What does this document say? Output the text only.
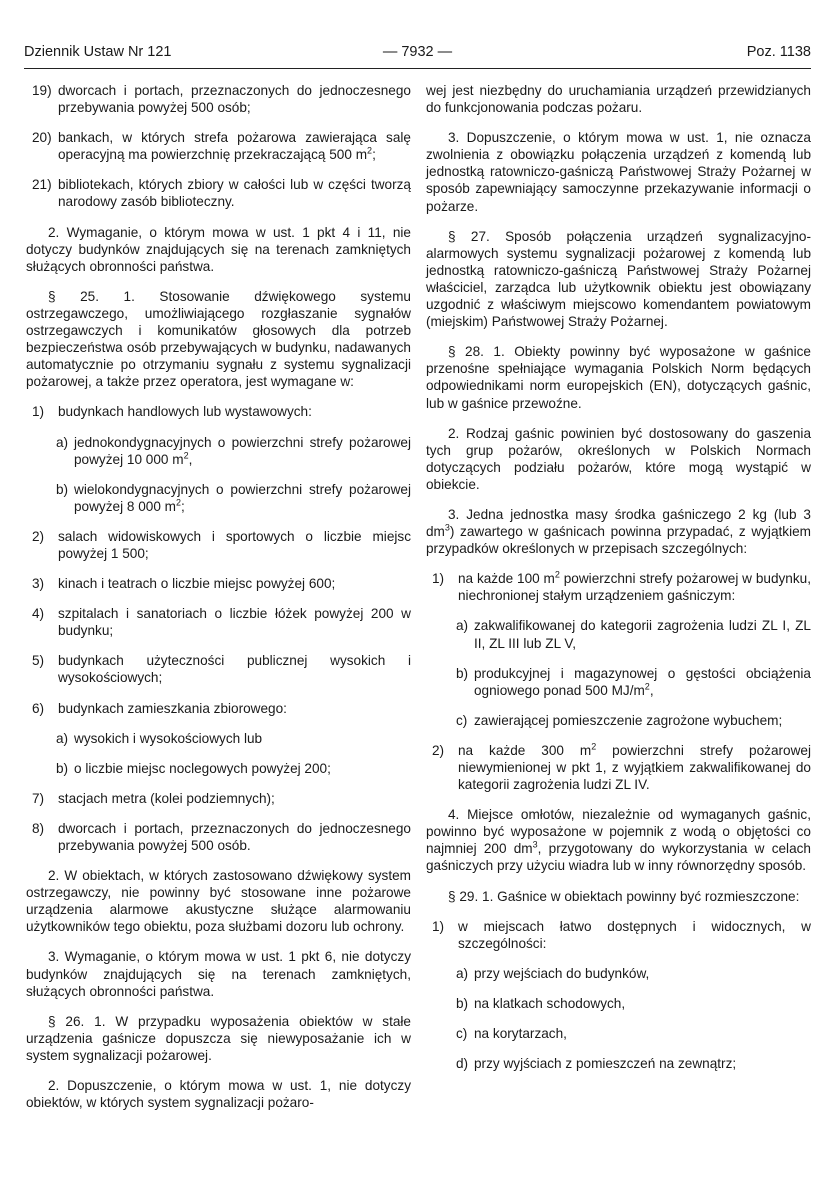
Dziennik Ustaw Nr 121	— 7932 —	Poz. 1138
19) dworcach i portach, przeznaczonych do jednoczesnego przebywania powyżej 500 osób;
20) bankach, w których strefa pożarowa zawierająca salę operacyjną ma powierzchnię przekraczającą 500 $m^2$;
21) bibliotekach, których zbiory w całości lub w części tworzą narodowy zasób biblioteczny.

2. Wymaganie, o którym mowa w ust. 1 pkt 4 i 11, nie dotyczy budynków znajdujących się na terenach zamkniętych służących obronności państwa.

§ 25. 1. Stosowanie dźwiękowego systemu ostrzegawczego, umożliwiającego rozgłaszanie sygnałów ostrzegawczych i komunikatów głosowych dla potrzeb bezpieczeństwa osób przebywających w budynku, nadawanych automatycznie po otrzymaniu sygnału z systemu sygnalizacji pożarowej, a także przez operatora, jest wymagane w:

1)	budynkach handlowych lub wystawowych:
a) jednokondygnacyjnych o powierzchni strefy pożarowej powyżej 10 000 $m^2$,
b) wielokondygnacyjnych o powierzchni strefy pożarowej powyżej 8 000 $m^2$;
2)	salach widowiskowych i sportowych o liczbie miejsc powyżej 1 500;
3)	kinach i teatrach o liczbie miejsc powyżej 600;
4)	szpitalach i sanatoriach o liczbie łóżek powyżej 200 w budynku;
5)	budynkach użyteczności publicznej wysokich i wysokościowych;
6)	budynkach zamieszkania zbiorowego:
a) wysokich i wysokościowych lub
b) o liczbie miejsc noclegowych powyżej 200;
7)	stacjach metra (kolei podziemnych);
8)	dworcach i portach, przeznaczonych do jednoczesnego przebywania powyżej 500 osób.

2. W obiektach, w których zastosowano dźwiękowy system ostrzegawczy, nie powinny być stosowane inne pożarowe urządzenia alarmowe akustyczne służące alarmowaniu użytkowników tego obiektu, poza służbami dozoru lub ochrony.

3. Wymaganie, o którym mowa w ust. 1 pkt 6, nie dotyczy budynków znajdujących się na terenach zamkniętych, służących obronności państwa.

§ 26. 1. W przypadku wyposażenia obiektów w stałe urządzenia gaśnicze dopuszcza się niewyposażanie ich w system sygnalizacji pożarowej.

2. Dopuszczenie, o którym mowa w ust. 1, nie dotyczy obiektów, w których system sygnalizacji pożaro-

wej jest niezbędny do uruchamiania urządzeń przewidzianych do funkcjonowania podczas pożaru.

3. Dopuszczenie, o którym mowa w ust. 1, nie oznacza zwolnienia z obowiązku połączenia urządzeń z komendą lub jednostką ratowniczo-gaśniczą Państwowej Straży Pożarnej w sposób zapewniający samoczynne przekazywanie informacji o pożarze.

§ 27. Sposób połączenia urządzeń sygnalizacyjno-alarmowych systemu sygnalizacji pożarowej z komendą lub jednostką ratowniczo-gaśniczą Państwowej Straży Pożarnej właściciel, zarządca lub użytkownik obiektu jest obowiązany uzgodnić z właściwym miejscowo komendantem powiatowym (miejskim) Państwowej Straży Pożarnej.

§ 28. 1. Obiekty powinny być wyposażone w gaśnice przenośne spełniające wymagania Polskich Norm będących odpowiednikami norm europejskich (EN), dotyczących gaśnic, lub w gaśnice przewoźne.

2. Rodzaj gaśnic powinien być dostosowany do gaszenia tych grup pożarów, określonych w Polskich Normach dotyczących podziału pożarów, które mogą wystąpić w obiekcie.

3. Jedna jednostka masy środka gaśniczego 2 kg (lub 3 $dm^3$) zawartego w gaśnicach powinna przypadać, z wyjątkiem przypadków określonych w przepisach szczególnych:

1)	na każde 100 $m^2$ powierzchni strefy pożarowej w budynku, niechronionej stałym urządzeniem gaśniczym:
a) zakwalifikowanej do kategorii zagrożenia ludzi ZL I, ZL II, ZL III lub ZL V,
b) produkcyjnej i magazynowej o gęstości obciążenia ogniowego ponad 500 $MJ/m^2$,
c) zawierającej pomieszczenie zagrożone wybuchem;
2)	na każde 300 $m^2$ powierzchni strefy pożarowej niewymienionej w pkt 1, z wyjątkiem zakwalifikowanej do kategorii zagrożenia ludzi ZL IV.

4. Miejsce omłotów, niezależnie od wymaganych gaśnic, powinno być wyposażone w pojemnik z wodą o objętości co najmniej 200 $dm^3$, przygotowany do wykorzystania w celach gaśniczych przy użyciu wiadra lub w inny równorzędny sposób.

§ 29. 1. Gaśnice w obiektach powinny być rozmieszczone:

1)	w miejscach łatwo dostępnych i widocznych, w szczególności:
a) przy wejściach do budynków,
b) na klatkach schodowych,
c) na korytarzach,
d) przy wyjściach z pomieszczeń na zewnątrz;
